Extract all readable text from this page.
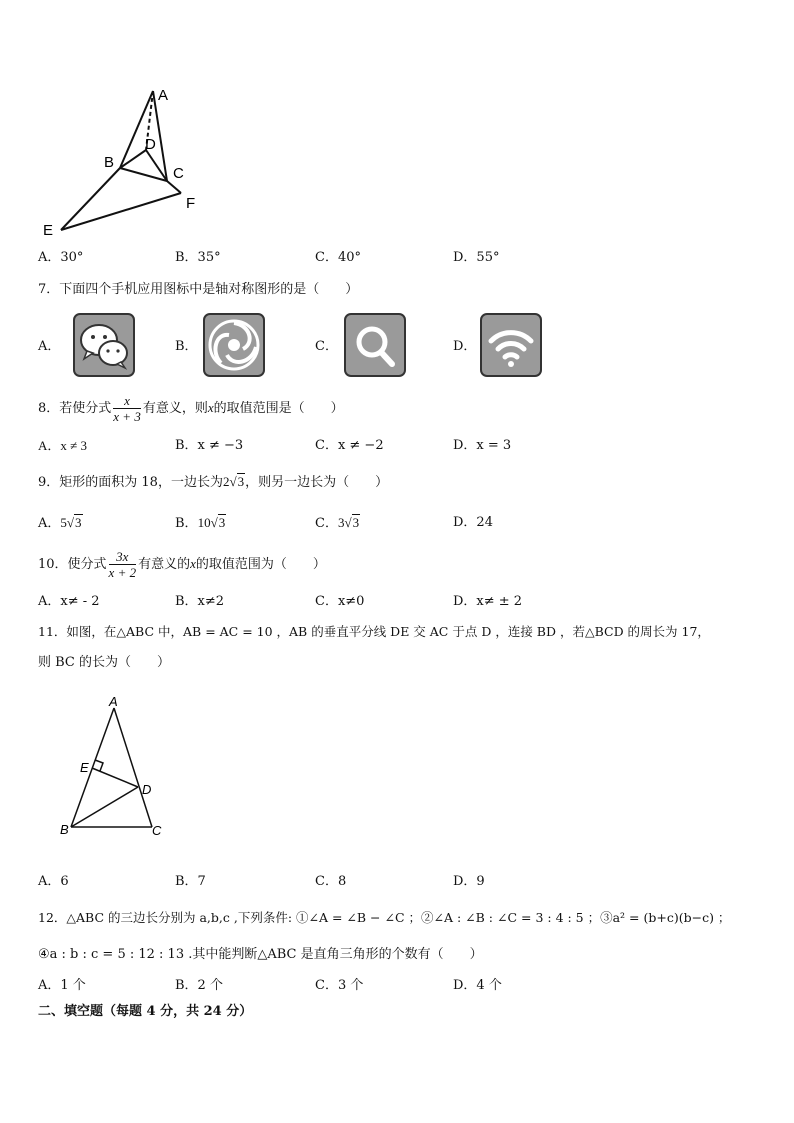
A
D
B
C
F
E
A．30°	B．35°	C．40°	D．55°
7．下面四个手机应用图标中是轴对称图形的是（　　）
A．	B．	C．	D．
8．若使分式 $\frac{x}{x + 3}$ 有意义，则x的取值范围是（　　）
A．x ≠ 3	B．x ≠ −3	C．x ≠ −2	D．x = 3
9．矩形的面积为 18，一边长为2√3，则另一边长为（　　）
A．5√3	B．10√3	C．3√3	D．24
10．使分式 $\frac{3x}{x + 2}$ 有意义的x的取值范围为（　　）
A．x≠ - 2	B．x≠2	C．x≠0	D．x≠ ± 2
11．如图，在△ABC 中，AB = AC = 10 ，AB 的垂直平分线 DE 交 AC 于点 D ，连接 BD ，若△BCD 的周长为 17，
则 BC 的长为（　　）
A
E
D
B	C
A．6	B．7	C．8	D．9
12．△ABC 的三边长分别为 a,b,c ,下列条件: ①∠A = ∠B − ∠C ；②∠A : ∠B : ∠C = 3 : 4 : 5 ；③a² = (b+c)(b−c) ；
④a : b : c = 5 : 12 : 13 .其中能判断△ABC 是直角三角形的个数有（　　）
A．1 个	B．2 个	C．3 个	D．4 个
二、填空题（每题 4 分，共 24 分）
